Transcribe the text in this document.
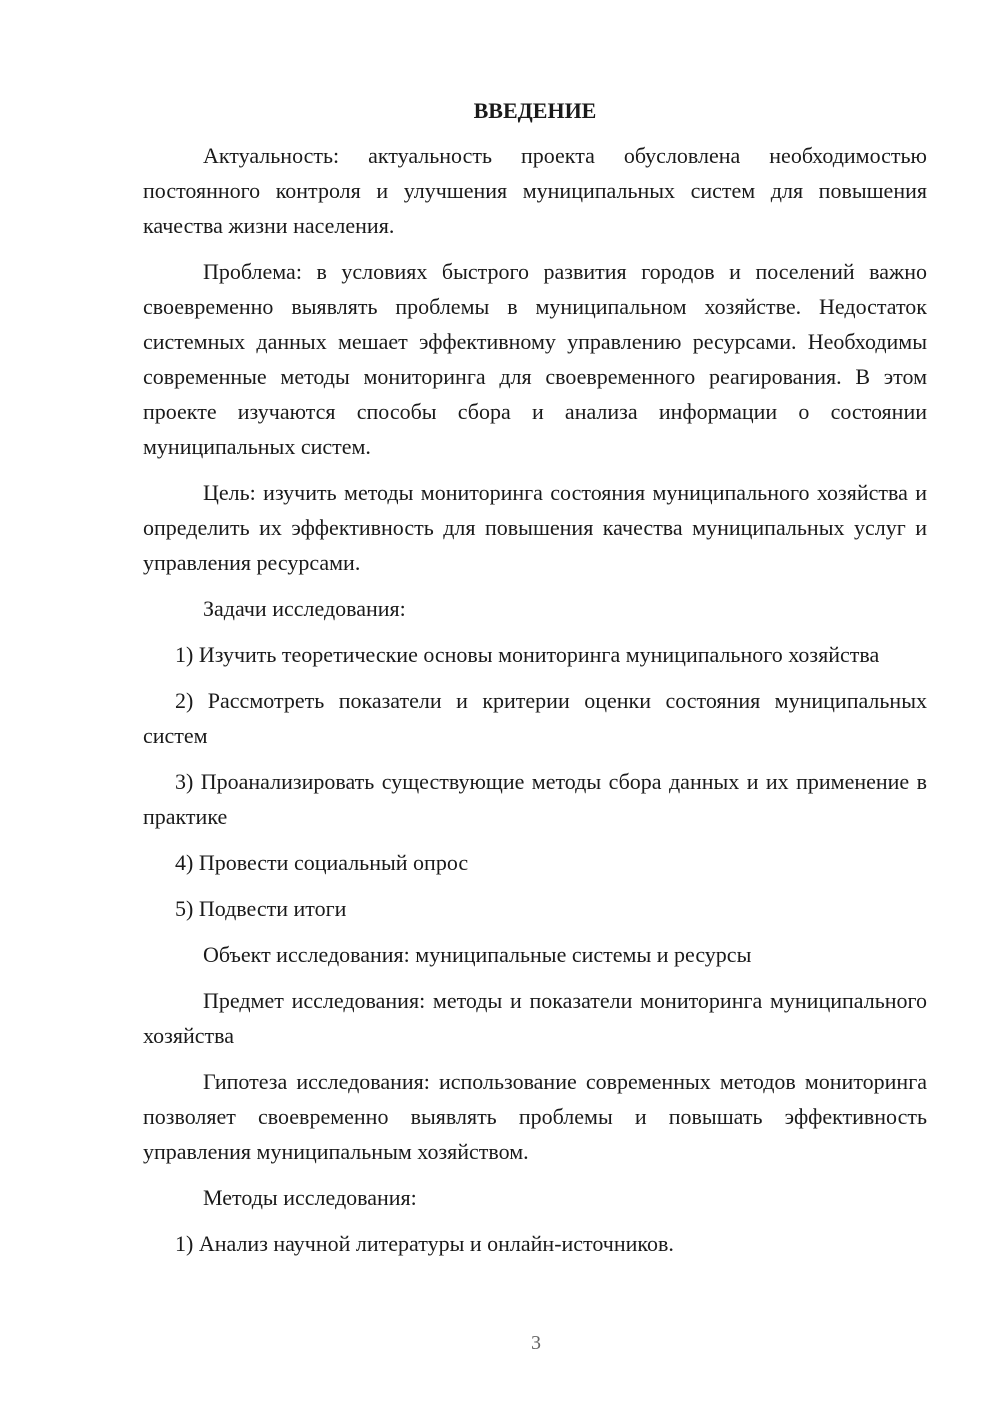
ВВЕДЕНИЕ

Актуальность: актуальность проекта обусловлена необходимостью постоянного контроля и улучшения муниципальных систем для повышения качества жизни населения.

Проблема: в условиях быстрого развития городов и поселений важно своевременно выявлять проблемы в муниципальном хозяйстве. Недостаток системных данных мешает эффективному управлению ресурсами. Необходимы современные методы мониторинга для своевременного реагирования. В этом проекте изучаются способы сбора и анализа информации о состоянии муниципальных систем.

Цель: изучить методы мониторинга состояния муниципального хозяйства и определить их эффективность для повышения качества муниципальных услуг и управления ресурсами.

Задачи исследования:

1) Изучить теоретические основы мониторинга муниципального хозяйства

2) Рассмотреть показатели и критерии оценки состояния муниципальных систем

3) Проанализировать существующие методы сбора данных и их применение в практике

4) Провести социальный опрос

5) Подвести итоги

Объект исследования: муниципальные системы и ресурсы

Предмет исследования: методы и показатели мониторинга муниципального хозяйства

Гипотеза исследования: использование современных методов мониторинга позволяет своевременно выявлять проблемы и повышать эффективность управления муниципальным хозяйством.

Методы исследования:

1) Анализ научной литературы и онлайн-источников.

3
